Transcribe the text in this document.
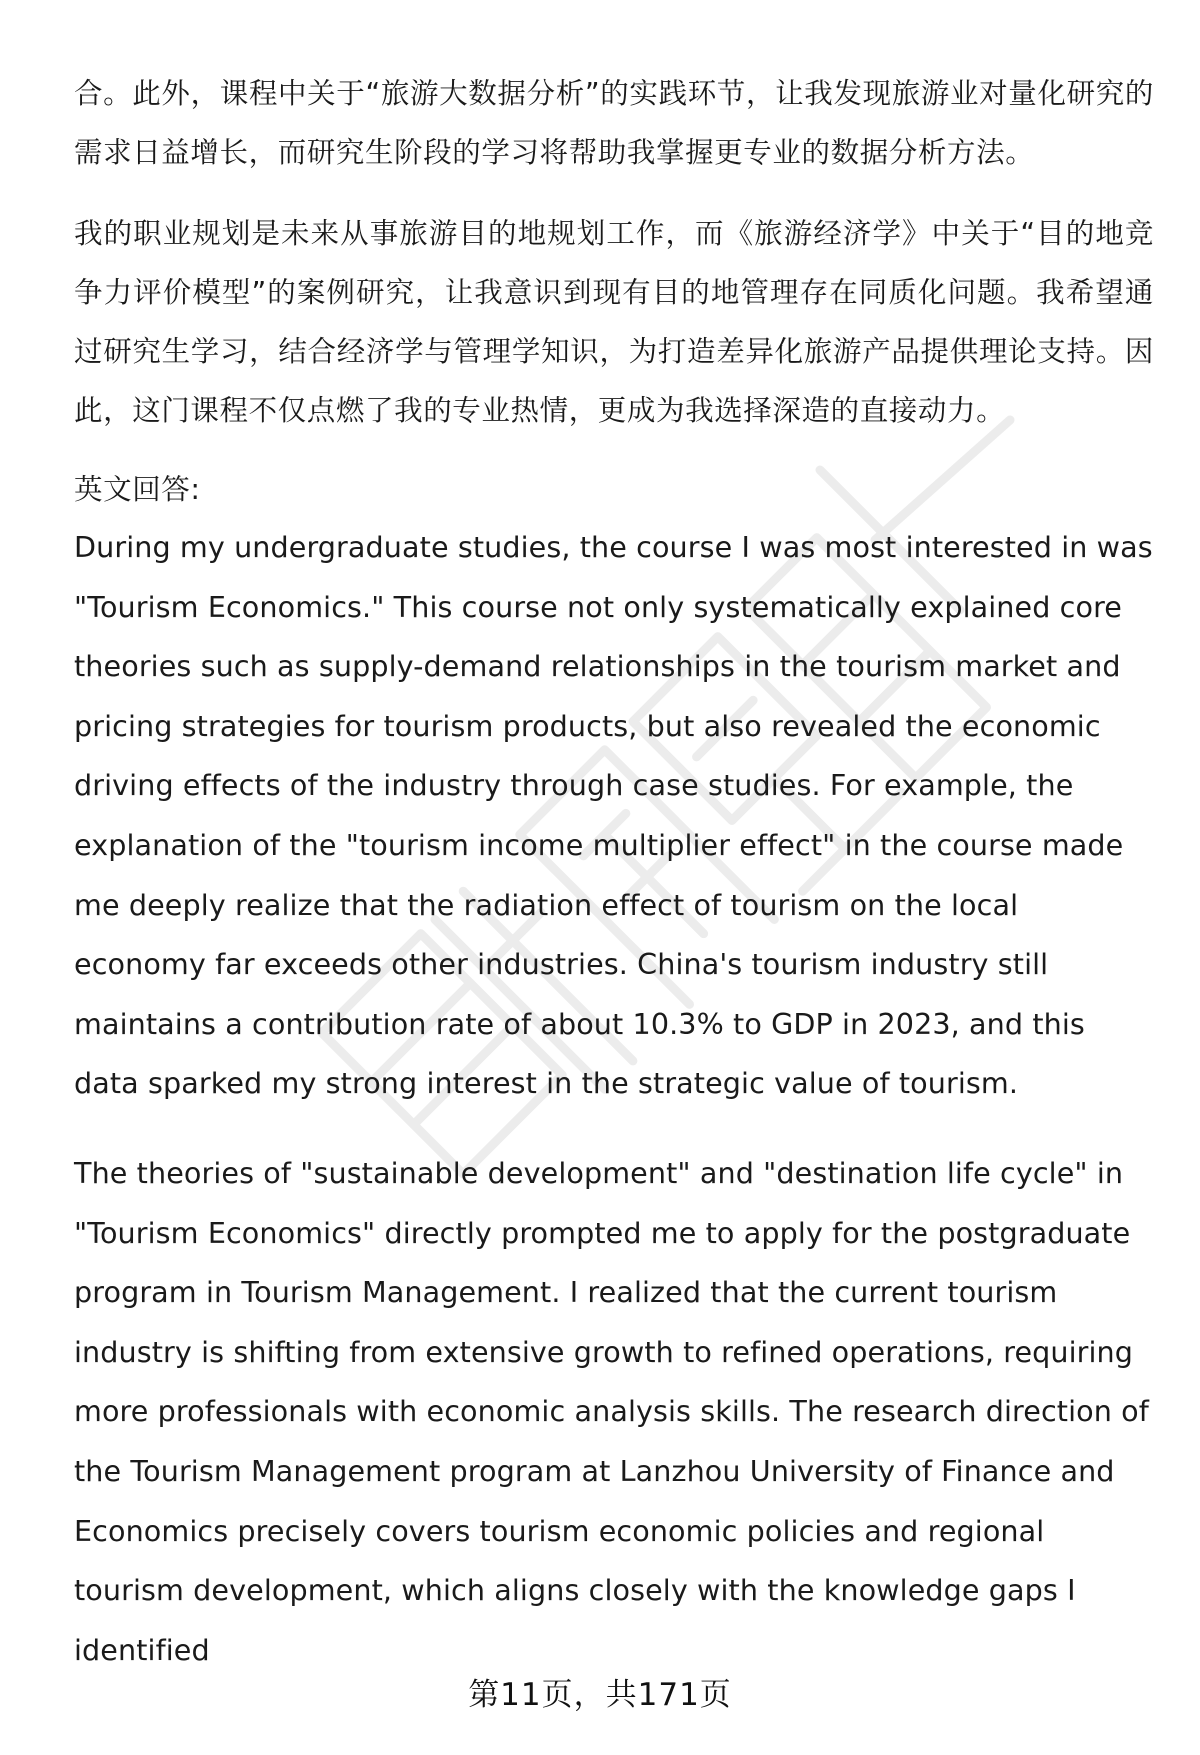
合。此外，课程中关于“旅游大数据分析”的实践环节，让我发现旅游业对量化研究的需求日益增长，而研究生阶段的学习将帮助我掌握更专业的数据分析方法。

我的职业规划是未来从事旅游目的地规划工作，而《旅游经济学》中关于“目的地竞争力评价模型”的案例研究，让我意识到现有目的地管理存在同质化问题。我希望通过研究生学习，结合经济学与管理学知识，为打造差异化旅游产品提供理论支持。因此，这门课程不仅点燃了我的专业热情，更成为我选择深造的直接动力。

英文回答:

During my undergraduate studies, the course I was most interested in was "Tourism Economics." This course not only systematically explained core theories such as supply-demand relationships in the tourism market and pricing strategies for tourism products, but also revealed the economic driving effects of the industry through case studies. For example, the explanation of the "tourism income multiplier effect" in the course made me deeply realize that the radiation effect of tourism on the local economy far exceeds other industries. China's tourism industry still maintains a contribution rate of about 10.3% to GDP in 2023, and this data sparked my strong interest in the strategic value of tourism.

The theories of "sustainable development" and "destination life cycle" in "Tourism Economics" directly prompted me to apply for the postgraduate program in Tourism Management. I realized that the current tourism industry is shifting from extensive growth to refined operations, requiring more professionals with economic analysis skills. The research direction of the Tourism Management program at Lanzhou University of Finance and Economics precisely covers tourism economic policies and regional tourism development, which aligns closely with the knowledge gaps I identified

第11页，共171页
